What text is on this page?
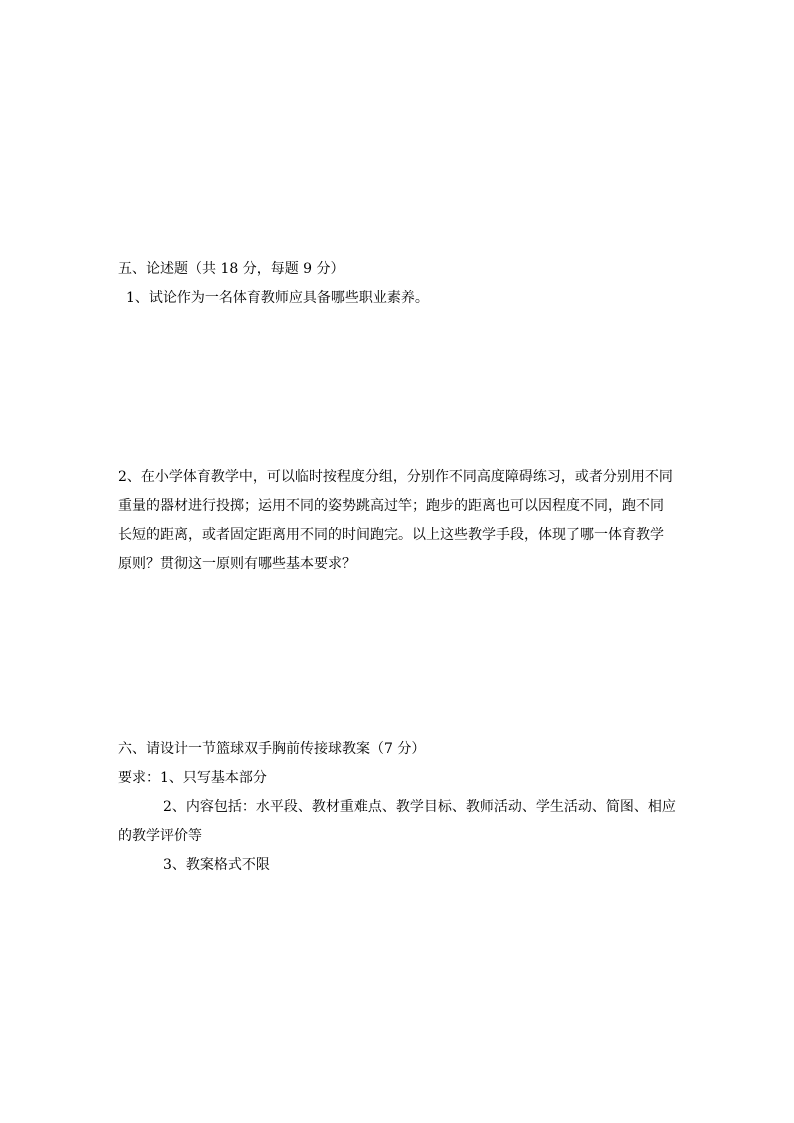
五、论述题（共 18 分，每题 9 分）
1、试论作为一名体育教师应具备哪些职业素养。
2、在小学体育教学中，可以临时按程度分组，分别作不同高度障碍练习，或者分别用不同
重量的器材进行投掷；运用不同的姿势跳高过竿；跑步的距离也可以因程度不同，跑不同
长短的距离，或者固定距离用不同的时间跑完。以上这些教学手段，体现了哪一体育教学
原则？贯彻这一原则有哪些基本要求？
六、请设计一节篮球双手胸前传接球教案（7 分）
要求：1、只写基本部分
2、内容包括：水平段、教材重难点、教学目标、教师活动、学生活动、简图、相应
的教学评价等
3、教案格式不限
